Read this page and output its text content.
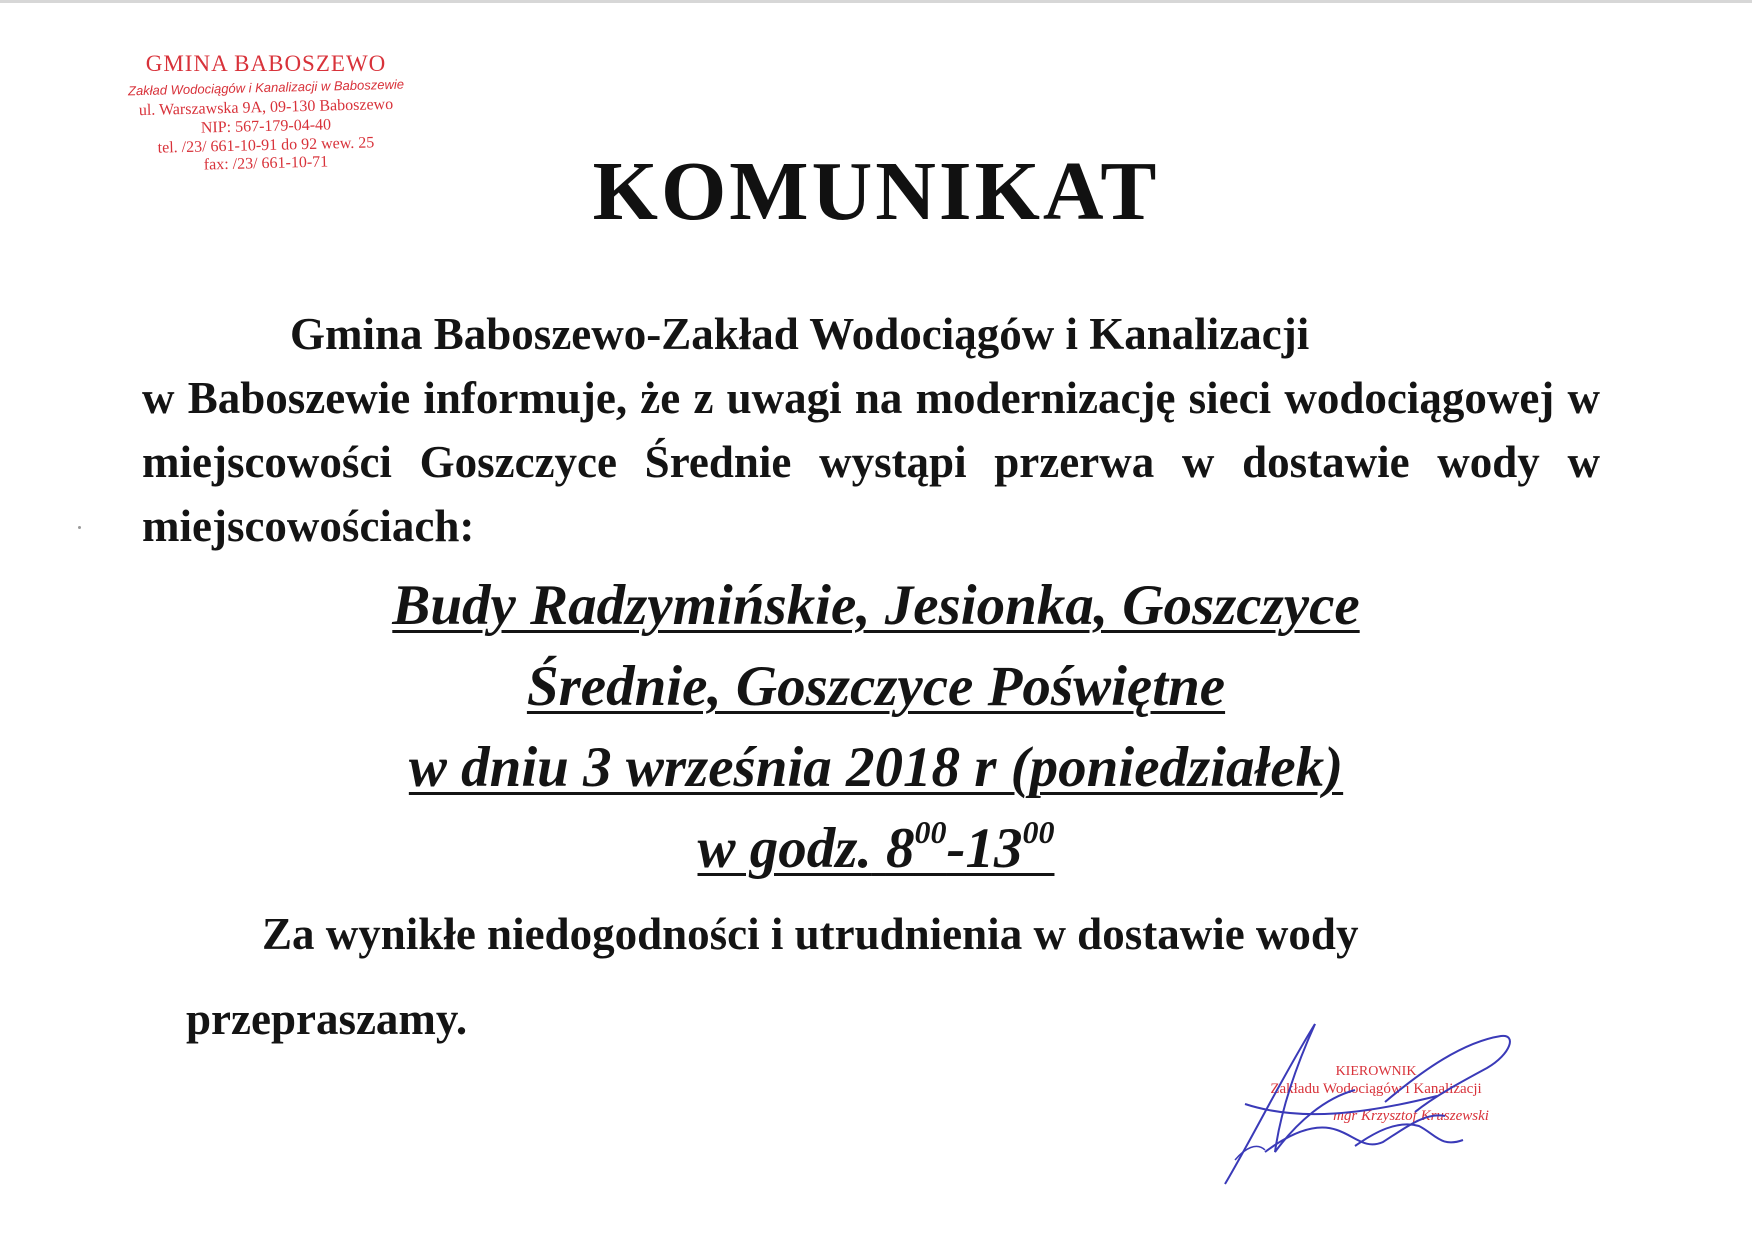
GMINA BABOSZEWO
Zakład Wodociągów i Kanalizacji w Baboszewie
ul. Warszawska 9A, 09-130 Baboszewo
NIP: 567-179-04-40
tel. /23/ 661-10-91 do 92 wew. 25
fax: /23/ 661-10-71	KOMUNIKAT

Gmina Baboszewo-Zakład Wodociągów i Kanalizacji
w Baboszewie informuje, że z uwagi na modernizację sieci wodociągowej w miejscowości Goszczyce Średnie wystąpi przerwa w dostawie wody w miejscowościach:

Budy Radzymińskie, Jesionka, Goszczyce
Średnie, Goszczyce Poświętne
w dniu 3 września 2018 r (poniedziałek)
w godz. $8^{00}-13^{00}$

Za wynikłe niedogodności i utrudnienia w dostawie wody

przepraszamy.

KIEROWNIK
Zakładu Wodociągów i Kanalizacji
mgr Krzysztof Kruszewski
